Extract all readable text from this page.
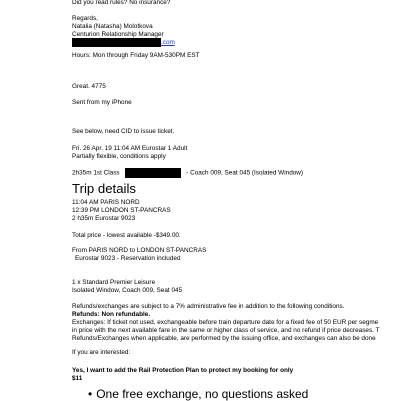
Did you read rules? No insurance?
Regards,
Natalia (Natasha) Molotkova
Centurion Relationship Manager
.com
Hours: Mon through Friday 9AM-530PM EST
Great. 4775
Sent from my iPhone
See below, need CID to issue ticket.
Fri. 26 Apr. 19 11:04 AM Eurostar 1 Adult
Partially flexible, conditions apply
2h35m 1st Class	- Coach 009, Seat 045 (Isolated Window)
Trip details
11:04 AM PARIS NORD
12:39 PM LONDON ST-PANCRAS
2 h35m Eurostar 9023
Total price - lowest available -$349.00.
From PARIS NORD to LONDON ST-PANCRAS
Eurostar 9023 - Reservation included
1 x Standard Premier Leisure
Isolated Window, Coach 009, Seat 045
Refunds/exchanges are subject to a 7% administrative fee in addition to the following conditions.
Refunds: Non refundable.
Exchanges: If ticket not used, exchangeable before train departure date for a fixed fee of 50 EUR per segme
in price with the next available fare in the same or higher class of service, and no refund if price decreases. T
Refunds/Exchanges when applicable, are performed by the issuing office, and exchanges can also be done
If you are interested:
Yes, I want to add the Rail Protection Plan to protect my booking for only
$11
• One free exchange, no questions asked
